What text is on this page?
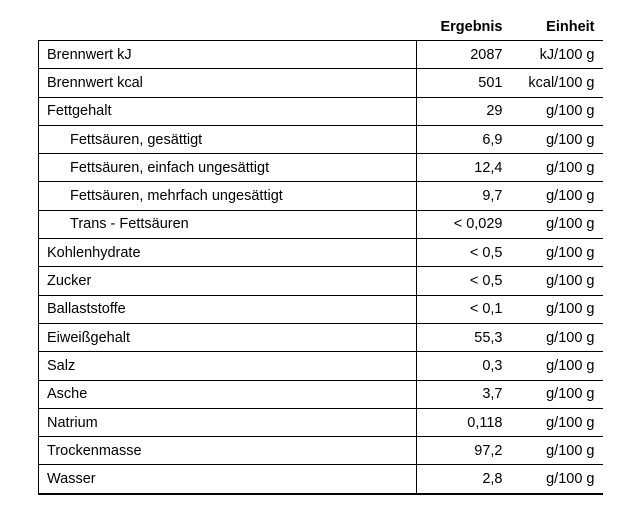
	Ergebnis	Einheit
Brennwert kJ	2087	kJ/100 g
Brennwert kcal	501	kcal/100 g
Fettgehalt	29	g/100 g
Fettsäuren, gesättigt	6,9	g/100 g
Fettsäuren, einfach ungesättigt	12,4	g/100 g
Fettsäuren, mehrfach ungesättigt	9,7	g/100 g
Trans - Fettsäuren	< 0,029	g/100 g
Kohlenhydrate	< 0,5	g/100 g
Zucker	< 0,5	g/100 g
Ballaststoffe	< 0,1	g/100 g
Eiweißgehalt	55,3	g/100 g
Salz	0,3	g/100 g
Asche	3,7	g/100 g
Natrium	0,118	g/100 g
Trockenmasse	97,2	g/100 g
Wasser	2,8	g/100 g
